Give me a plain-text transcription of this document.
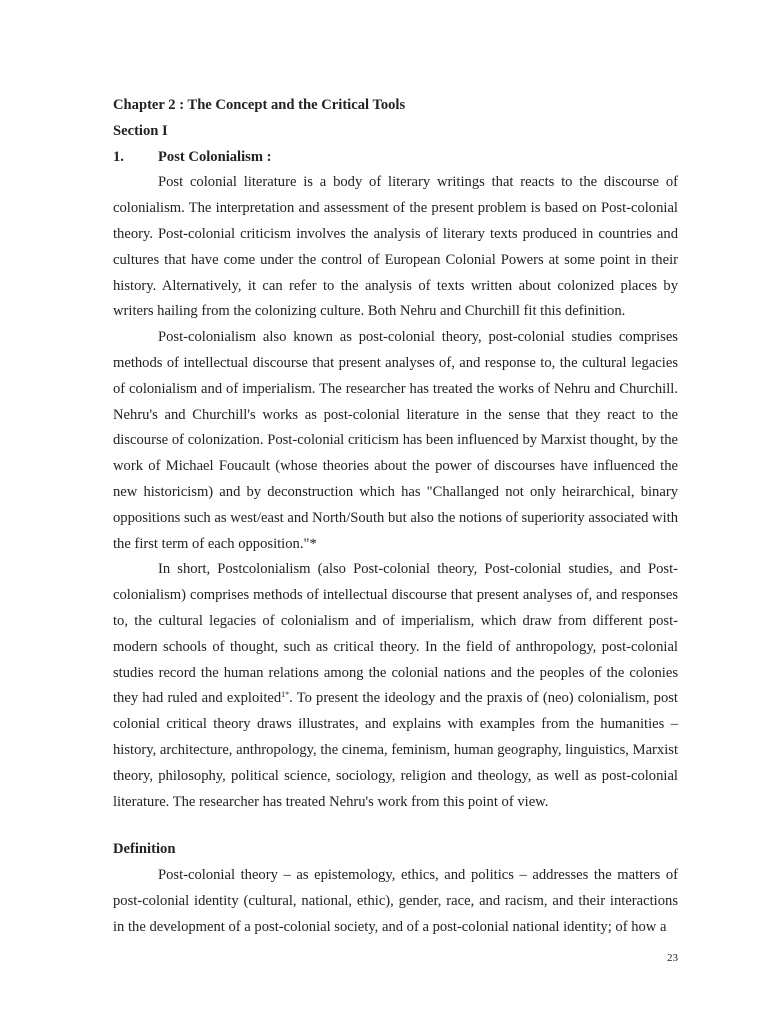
Chapter 2 : The Concept and the Critical Tools
Section I
1.	Post Colonialism :

Post colonial literature is a body of literary writings that reacts to the discourse of colonialism. The interpretation and assessment of the present problem is based on Post-colonial theory. Post-colonial criticism involves the analysis of literary texts produced in countries and cultures that have come under the control of European Colonial Powers at some point in their history. Alternatively, it can refer to the analysis of texts written about colonized places by writers hailing from the colonizing culture. Both Nehru and Churchill fit this definition.

Post-colonialism also known as post-colonial theory, post-colonial studies comprises methods of intellectual discourse that present analyses of, and response to, the cultural legacies of colonialism and of imperialism. The researcher has treated the works of Nehru and Churchill. Nehru's and Churchill's works as post-colonial literature in the sense that they react to the discourse of colonization. Post-colonial criticism has been influenced by Marxist thought, by the work of Michael Foucault (whose theories about the power of discourses have influenced the new historicism) and by deconstruction which has "Challanged not only heirarchical, binary oppositions such as west/east and North/South but also the notions of superiority associated with the first term of each opposition."*

In short, Postcolonialism (also Post-colonial theory, Post-colonial studies, and Post-colonialism) comprises methods of intellectual discourse that present analyses of, and responses to, the cultural legacies of colonialism and of imperialism, which draw from different post-modern schools of thought, such as critical theory. In the field of anthropology, post-colonial studies record the human relations among the colonial nations and the peoples of the colonies they had ruled and exploited$^{1*}$. To present the ideology and the praxis of (neo) colonialism, post colonial critical theory draws illustrates, and explains with examples from the humanities – history, architecture, anthropology, the cinema, feminism, human geography, linguistics, Marxist theory, philosophy, political science, sociology, religion and theology, as well as post-colonial literature. The researcher has treated Nehru's work from this point of view.

Definition

Post-colonial theory – as epistemology, ethics, and politics – addresses the matters of post-colonial identity (cultural, national, ethic), gender, race, and racism, and their interactions in the development of a post-colonial society, and of a post-colonial national identity; of how a

23
